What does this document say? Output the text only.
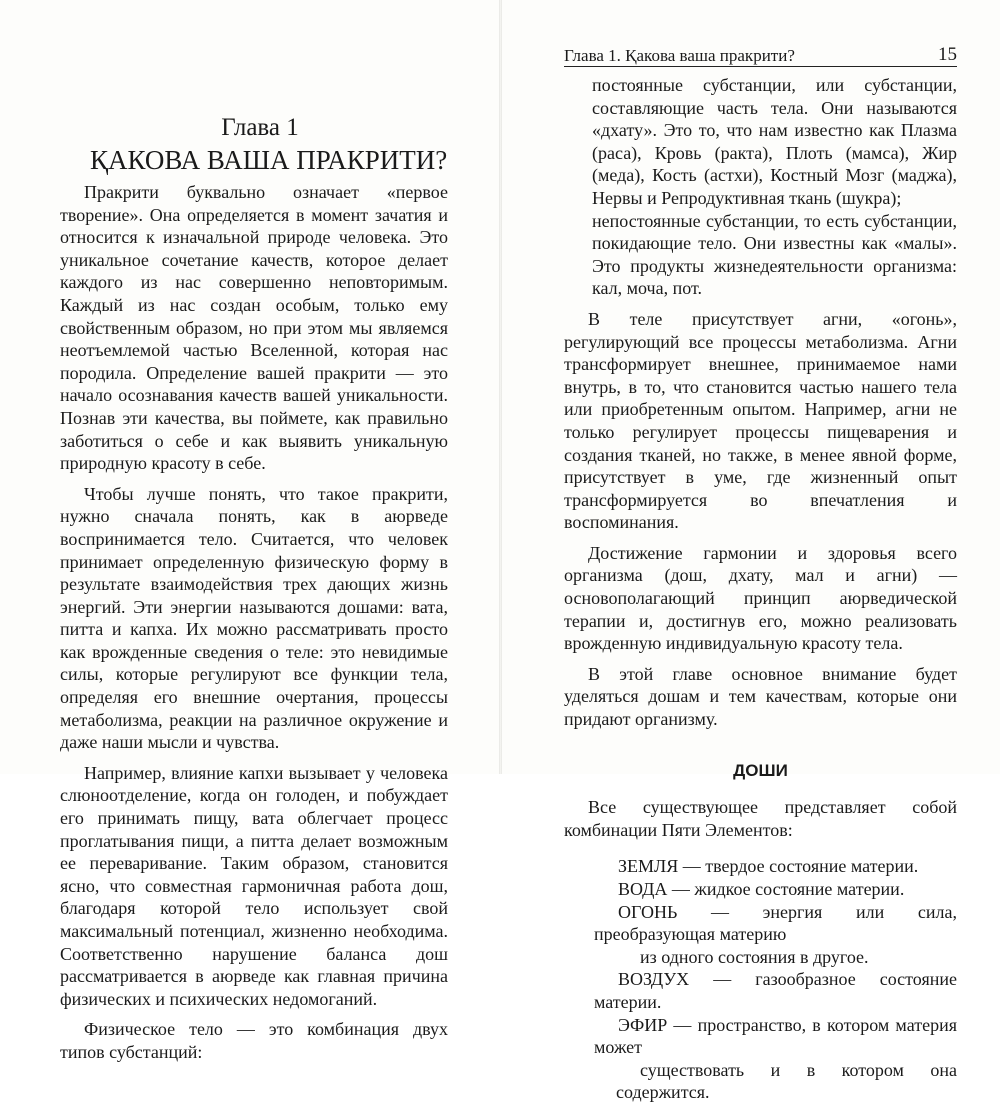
Глава 1
ҚАКОВА ВАША ПРАКРИТИ?

Пракрити буквально означает «первое творение». Она определяется в момент зачатия и относится к изначальной природе человека. Это уникальное сочетание качеств, которое делает каждого из нас совершенно неповторимым. Каждый из нас создан особым, только ему свойственным образом, но при этом мы являемся неотъемлемой частью Вселенной, которая нас породила. Определение вашей пракрити — это начало осознавания качеств вашей уникальности. Познав эти качества, вы поймете, как правильно заботиться о себе и как выявить уникальную природную красоту в себе.

Чтобы лучше понять, что такое пракрити, нужно сначала понять, как в аюрведе воспринимается тело. Считается, что человек принимает определенную физическую форму в результате взаимодействия трех дающих жизнь энергий. Эти энергии называются дошами: вата, питта и капха. Их можно рассматривать просто как врожденные сведения о теле: это невидимые силы, которые регулируют все функции тела, определяя его внешние очертания, процессы метаболизма, реакции на различное окружение и даже наши мысли и чувства.

Например, влияние капхи вызывает у человека слюноотделение, когда он голоден, и побуждает его принимать пищу, вата облегчает процесс проглатывания пищи, а питта делает возможным ее переваривание. Таким образом, становится ясно, что совместная гармоничная работа дош, благодаря которой тело использует свой максимальный потенциал, жизненно необходима. Соответственно нарушение баланса дош рассматривается в аюрведе как главная причина физических и психических недомоганий.

Физическое тело — это комбинация двух типов субстанций:

Глава 1. Қакова ваша пракрити?	15

постоянные субстанции, или субстанции, составляющие часть тела. Они называются «дхату». Это то, что нам известно как Плазма (раса), Кровь (ракта), Плоть (мамса), Жир (меда), Кость (астхи), Костный Мозг (маджа), Нервы и Репродуктивная ткань (шукра);

непостоянные субстанции, то есть субстанции, покидающие тело. Они известны как «малы». Это продукты жизнедеятельности организма: кал, моча, пот.

В теле присутствует агни, «огонь», регулирующий все процессы метаболизма. Агни трансформирует внешнее, принимаемое нами внутрь, в то, что становится частью нашего тела или приобретенным опытом. Например, агни не только регулирует процессы пищеварения и создания тканей, но также, в менее явной форме, присутствует в уме, где жизненный опыт трансформируется во впечатления и воспоминания.

Достижение гармонии и здоровья всего организма (дош, дхату, мал и агни) — основополагающий принцип аюрведической терапии и, достигнув его, можно реализовать врожденную индивидуальную красоту тела.

В этой главе основное внимание будет уделяться дошам и тем качествам, которые они придают организму.

ДОШИ

Все существующее представляет собой комбинации Пяти Элементов:

ЗЕМЛЯ — твердое состояние материи.

ВОДА — жидкое состояние материи.

ОГОНЬ — энергия или сила, преобразующая материю
из одного состояния в другое.

ВОЗДУХ — газообразное состояние материи.

ЭФИР — пространство, в котором материя может
существовать и в котором она содержится.
